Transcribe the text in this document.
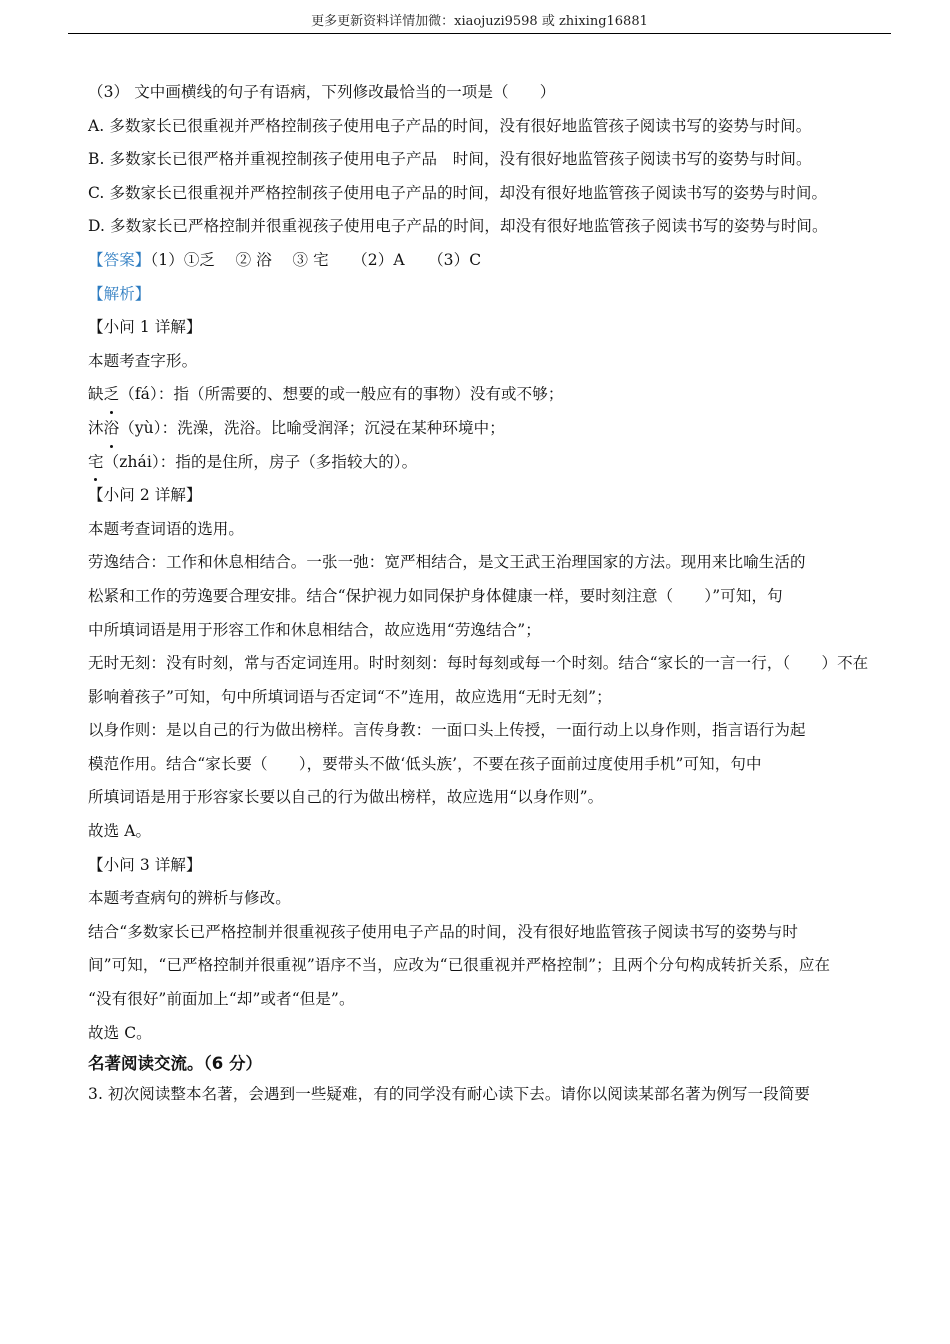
更多更新资料详情加微：xiaojuzi9598 或 zhixing16881
（3） 文中画横线的句子有语病，下列修改最恰当的一项是（　　）
A. 多数家长已很重视并严格控制孩子使用电子产品的时间，没有很好地监管孩子阅读书写的姿势与时间。
B. 多数家长已很严格并重视控制孩子使用电子产品　时间，没有很好地监管孩子阅读书写的姿势与时间。
C. 多数家长已很重视并严格控制孩子使用电子产品的时间，却没有很好地监管孩子阅读书写的姿势与时间。
D. 多数家长已严格控制并很重视孩子使用电子产品的时间，却没有很好地监管孩子阅读书写的姿势与时间。
【答案】（1）①乏　 ② 浴　 ③ 宅　　（2）A　　（3）C
【解析】
【小问 1 详解】
本题考查字形。
缺乏（fá）：指（所需要的、想要的或一般应有的事物）没有或不够；
沐浴（yù）：洗澡，洗浴。比喻受润泽；沉浸在某种环境中；
宅（zhái）：指的是住所，房子（多指较大的）。
【小问 2 详解】
本题考查词语的选用。
劳逸结合：工作和休息相结合。一张一弛：宽严相结合，是文王武王治理国家的方法。现用来比喻生活的
松紧和工作的劳逸要合理安排。结合“保护视力如同保护身体健康一样，要时刻注意（　　）”可知，句
中所填词语是用于形容工作和休息相结合，故应选用“劳逸结合”；
无时无刻：没有时刻，常与否定词连用。时时刻刻：每时每刻或每一个时刻。结合“家长的一言一行，（　　）不在
影响着孩子”可知，句中所填词语与否定词“不”连用，故应选用“无时无刻”；
以身作则：是以自己的行为做出榜样。言传身教：一面口头上传授，一面行动上以身作则，指言语行为起
模范作用。结合“家长要（　　），要带头不做‘低头族’，不要在孩子面前过度使用手机”可知，句中
所填词语是用于形容家长要以自己的行为做出榜样，故应选用“以身作则”。
故选 A。
【小问 3 详解】
本题考查病句的辨析与修改。
结合“多数家长已严格控制并很重视孩子使用电子产品的时间，没有很好地监管孩子阅读书写的姿势与时
间”可知，“已严格控制并很重视”语序不当，应改为“已很重视并严格控制”；且两个分句构成转折关系，应在
“没有很好”前面加上“却”或者“但是”。
故选 C。
名著阅读交流。（6 分）
3. 初次阅读整本名著，会遇到一些疑难，有的同学没有耐心读下去。请你以阅读某部名著为例写一段简要
